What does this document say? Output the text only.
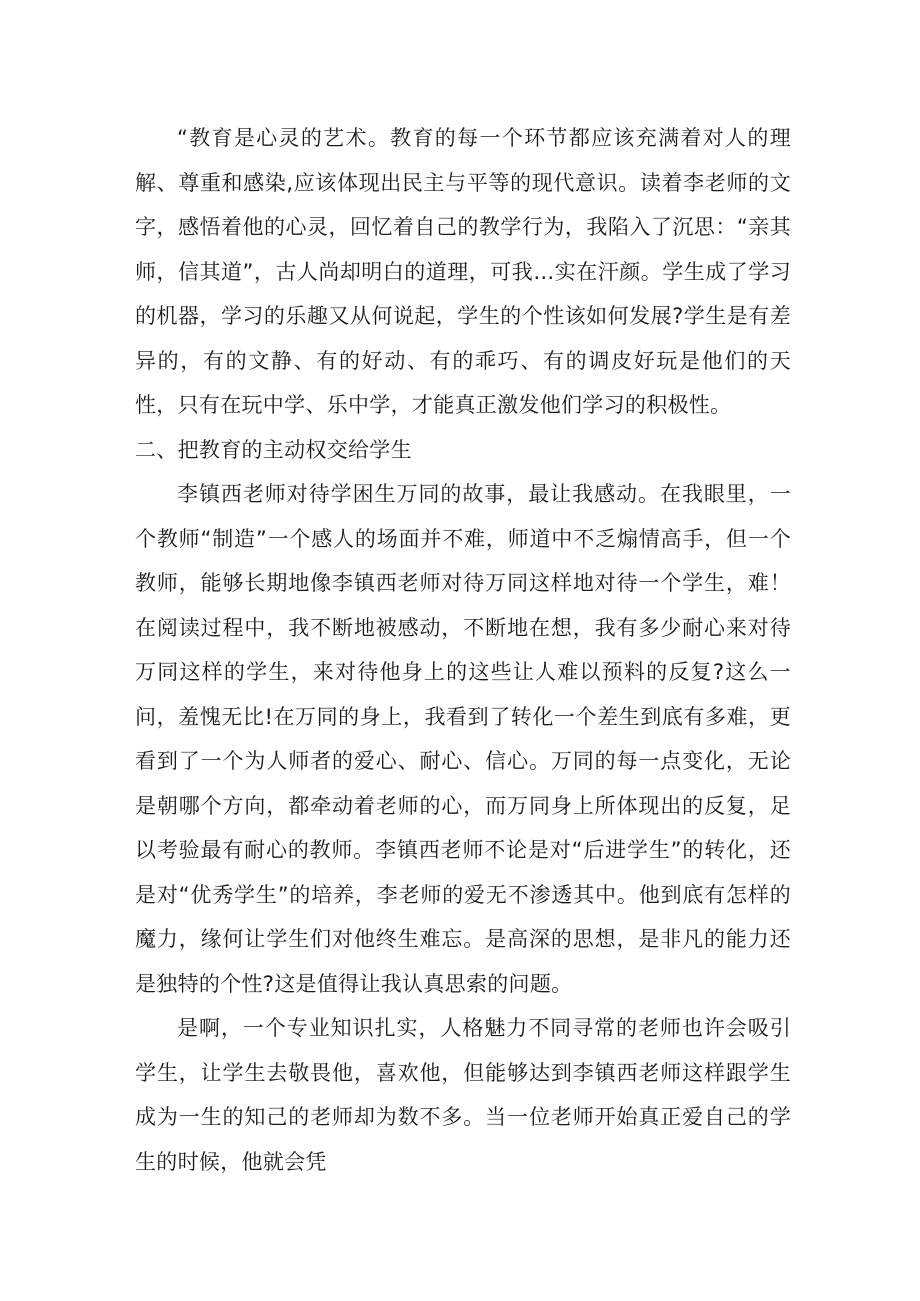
“教育是心灵的艺术。教育的每一个环节都应该充满着对人的理解、尊重和感染,应该体现出民主与平等的现代意识。读着李老师的文字，感悟着他的心灵，回忆着自己的教学行为，我陷入了沉思：“亲其师，信其道”，古人尚却明白的道理，可我…实在汗颜。学生成了学习的机器，学习的乐趣又从何说起，学生的个性该如何发展?学生是有差异的，有的文静、有的好动、有的乖巧、有的调皮好玩是他们的天性，只有在玩中学、乐中学，才能真正激发他们学习的积极性。

二、把教育的主动权交给学生

李镇西老师对待学困生万同的故事，最让我感动。在我眼里，一个教师“制造”一个感人的场面并不难，师道中不乏煽情高手，但一个教师，能够长期地像李镇西老师对待万同这样地对待一个学生，难！在阅读过程中，我不断地被感动，不断地在想，我有多少耐心来对待万同这样的学生，来对待他身上的这些让人难以预料的反复?这么一问，羞愧无比!在万同的身上，我看到了转化一个差生到底有多难，更看到了一个为人师者的爱心、耐心、信心。万同的每一点变化，无论是朝哪个方向，都牵动着老师的心，而万同身上所体现出的反复，足以考验最有耐心的教师。李镇西老师不论是对“后进学生”的转化，还是对“优秀学生”的培养，李老师的爱无不渗透其中。他到底有怎样的魔力，缘何让学生们对他终生难忘。是高深的思想，是非凡的能力还是独特的个性?这是值得让我认真思索的问题。

是啊，一个专业知识扎实，人格魅力不同寻常的老师也许会吸引学生，让学生去敬畏他，喜欢他，但能够达到李镇西老师这样跟学生成为一生的知己的老师却为数不多。当一位老师开始真正爱自己的学生的时候，他就会凭
